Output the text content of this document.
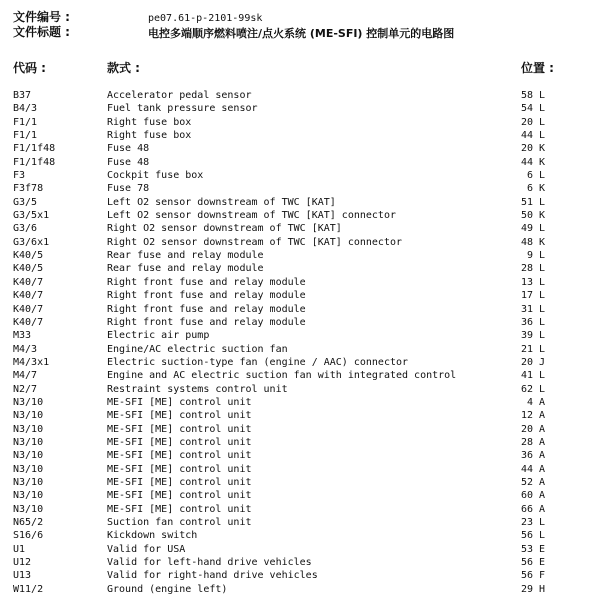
文件编号 :	pe07.61-p-2101-99sk
文件标题 :	电控多端顺序燃料喷注/点火系统 (ME-SFI) 控制单元的电路图
代码 :	款式 :	位置 :
B37	Accelerator pedal sensor	58 L
B4/3	Fuel tank pressure sensor	54 L
F1/1	Right fuse box	20 L
F1/1	Right fuse box	44 L
F1/1f48	Fuse 48	20 K
F1/1f48	Fuse 48	44 K
F3	Cockpit fuse box	6 L
F3f78	Fuse 78	6 K
G3/5	Left O2 sensor downstream of TWC [KAT]	51 L
G3/5x1	Left O2 sensor downstream of TWC [KAT] connector	50 K
G3/6	Right O2 sensor downstream of TWC [KAT]	49 L
G3/6x1	Right O2 sensor downstream of TWC [KAT] connector	48 K
K40/5	Rear fuse and relay module	9 L
K40/5	Rear fuse and relay module	28 L
K40/7	Right front fuse and relay module	13 L
K40/7	Right front fuse and relay module	17 L
K40/7	Right front fuse and relay module	31 L
K40/7	Right front fuse and relay module	36 L
M33	Electric air pump	39 L
M4/3	Engine/AC electric suction fan	21 L
M4/3x1	Electric suction-type fan (engine / AAC) connector	20 J
M4/7	Engine and AC electric suction fan with integrated control	41 L
N2/7	Restraint systems control unit	62 L
N3/10	ME-SFI [ME] control unit	4 A
N3/10	ME-SFI [ME] control unit	12 A
N3/10	ME-SFI [ME] control unit	20 A
N3/10	ME-SFI [ME] control unit	28 A
N3/10	ME-SFI [ME] control unit	36 A
N3/10	ME-SFI [ME] control unit	44 A
N3/10	ME-SFI [ME] control unit	52 A
N3/10	ME-SFI [ME] control unit	60 A
N3/10	ME-SFI [ME] control unit	66 A
N65/2	Suction fan control unit	23 L
S16/6	Kickdown switch	56 L
U1	Valid for USA	53 E
U12	Valid for left-hand drive vehicles	56 E
U13	Valid for right-hand drive vehicles	56 F
W11/2	Ground (engine left)	29 H
